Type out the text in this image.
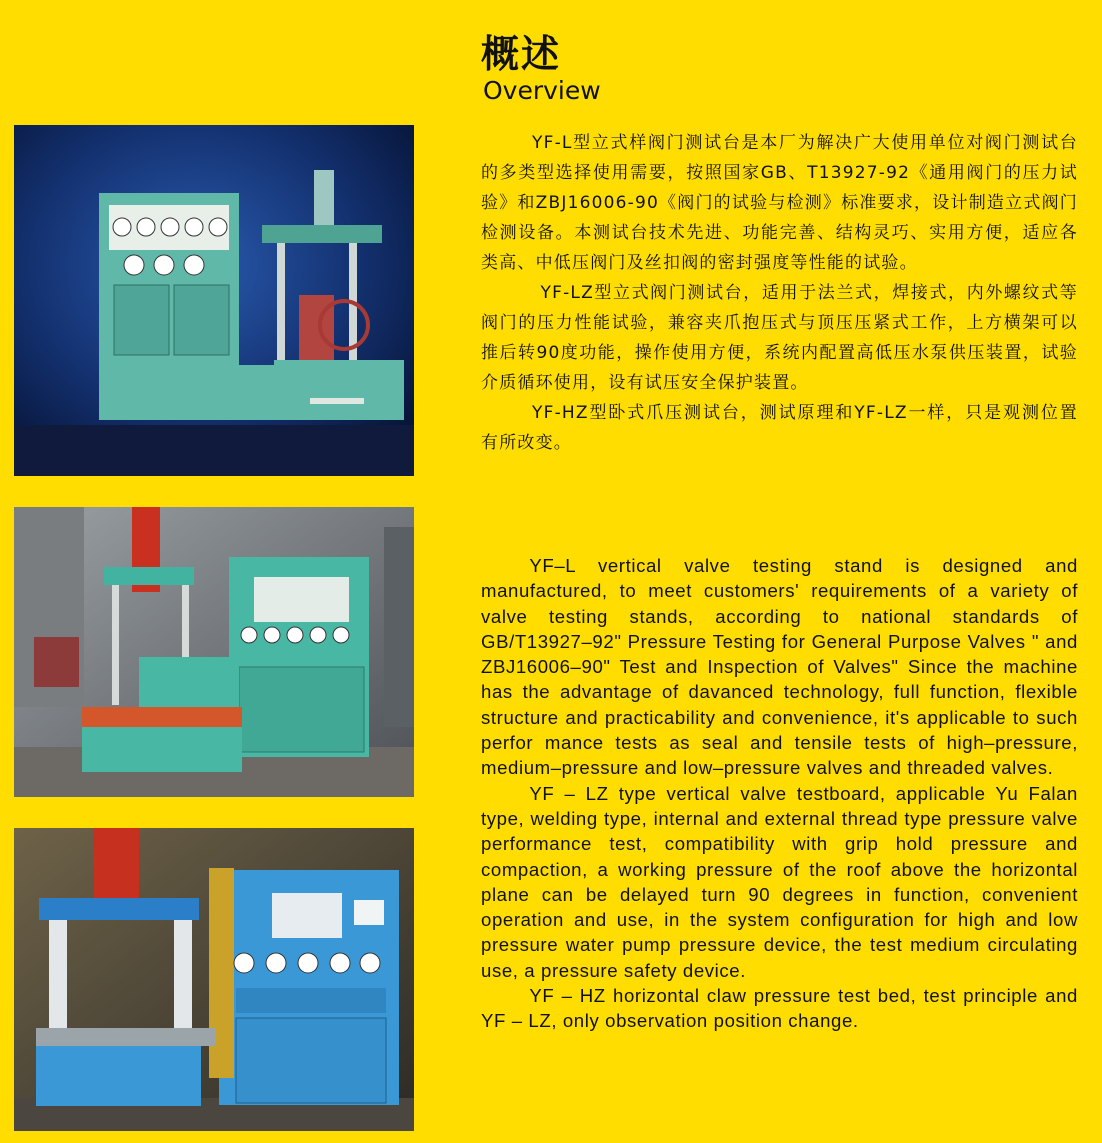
概述
Overview

YF-L型立式样阀门测试台是本厂为解决广大使用单位对阀门测试台的多类型选择使用需要，按照国家GB、T13927-92《通用阀门的压力试验》和ZBJ16006-90《阀门的试验与检测》标准要求，设计制造立式阀门检测设备。本测试台技术先进、功能完善、结构灵巧、实用方便，适应各类高、中低压阀门及丝扣阀的密封强度等性能的试验。

YF-LZ型立式阀门测试台，适用于法兰式，焊接式，内外螺纹式等阀门的压力性能试验，兼容夹爪抱压式与顶压压紧式工作，上方横架可以推后转90度功能，操作使用方便，系统内配置高低压水泵供压装置，试验介质循环使用，设有试压安全保护装置。

YF-HZ型卧式爪压测试台，测试原理和YF-LZ一样，只是观测位置有所改变。

YF–L vertical valve testing stand is designed and manufactured, to meet customers' requirements of a variety of valve testing stands, according to national standards of GB/T13927–92" Pressure Testing for General Purpose Valves " and ZBJ16006–90" Test and Inspection of Valves" Since the machine has the advantage of davanced technology, full function, flexible structure and practicability and convenience, it's applicable to such perfor mance tests as seal and tensile tests of high–pressure, medium–pressure and low–pressure valves and threaded valves.

YF – LZ type vertical valve testboard, applicable Yu Falan type, welding type, internal and external thread type pressure valve performance test, compatibility with grip hold pressure and compaction, a working pressure of the roof above the horizontal plane can be delayed turn 90 degrees in function, convenient operation and use, in the system configuration for high and low pressure water pump pressure device, the test medium circulating use, a pressure safety device.

YF – HZ horizontal claw pressure test bed, test principle and YF – LZ, only observation position change.
